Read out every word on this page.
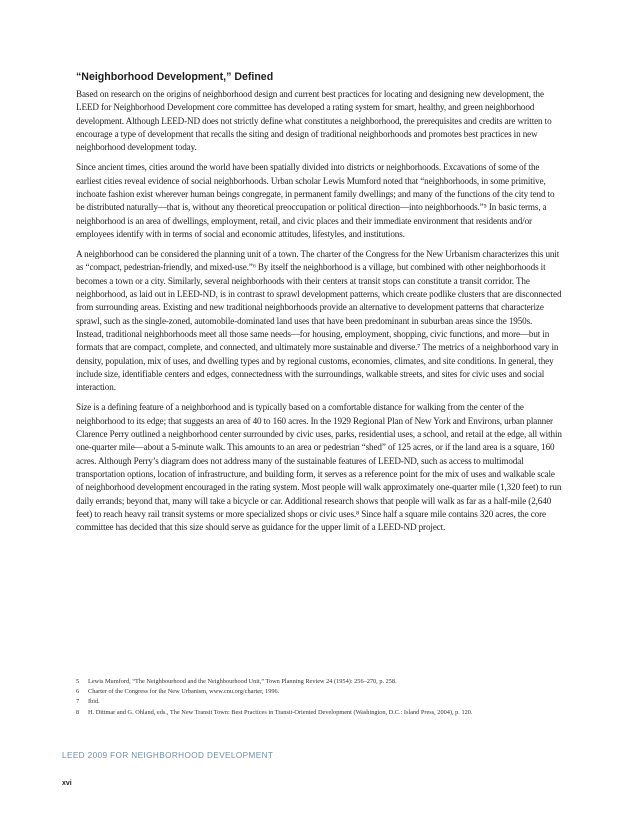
“Neighborhood Development,” Defined

Based on research on the origins of neighborhood design and current best practices for locating and designing new development, the LEED for Neighborhood Development core committee has developed a rating system for smart, healthy, and green neighborhood development. Although LEED-ND does not strictly define what constitutes a neighborhood, the prerequisites and credits are written to encourage a type of development that recalls the siting and design of traditional neighborhoods and promotes best practices in new neighborhood development today.

Since ancient times, cities around the world have been spatially divided into districts or neighborhoods. Excavations of some of the earliest cities reveal evidence of social neighborhoods. Urban scholar Lewis Mumford noted that “neighborhoods, in some primitive, inchoate fashion exist wherever human beings congregate, in permanent family dwellings; and many of the functions of the city tend to be distributed naturally—that is, without any theoretical preoccupation or political direction—into neighborhoods.”⁵ In basic terms, a neighborhood is an area of dwellings, employment, retail, and civic places and their immediate environment that residents and/or employees identify with in terms of social and economic attitudes, lifestyles, and institutions.

A neighborhood can be considered the planning unit of a town. The charter of the Congress for the New Urbanism characterizes this unit as “compact, pedestrian-friendly, and mixed-use.”⁶ By itself the neighborhood is a village, but combined with other neighborhoods it becomes a town or a city. Similarly, several neighborhoods with their centers at transit stops can constitute a transit corridor. The neighborhood, as laid out in LEED-ND, is in contrast to sprawl development patterns, which create podlike clusters that are disconnected from surrounding areas. Existing and new traditional neighborhoods provide an alternative to development patterns that characterize sprawl, such as the single-zoned, automobile-dominated land uses that have been predominant in suburban areas since the 1950s. Instead, traditional neighborhoods meet all those same needs—for housing, employment, shopping, civic functions, and more—but in formats that are compact, complete, and connected, and ultimately more sustainable and diverse.⁷ The metrics of a neighborhood vary in density, population, mix of uses, and dwelling types and by regional customs, economies, climates, and site conditions. In general, they include size, identifiable centers and edges, connectedness with the surroundings, walkable streets, and sites for civic uses and social interaction.

Size is a defining feature of a neighborhood and is typically based on a comfortable distance for walking from the center of the neighborhood to its edge; that suggests an area of 40 to 160 acres. In the 1929 Regional Plan of New York and Environs, urban planner Clarence Perry outlined a neighborhood center surrounded by civic uses, parks, residential uses, a school, and retail at the edge, all within one-quarter mile—about a 5-minute walk. This amounts to an area or pedestrian “shed” of 125 acres, or if the land area is a square, 160 acres. Although Perry’s diagram does not address many of the sustainable features of LEED-ND, such as access to multimodal transportation options, location of infrastructure, and building form, it serves as a reference point for the mix of uses and walkable scale of neighborhood development encouraged in the rating system. Most people will walk approximately one-quarter mile (1,320 feet) to run daily errands; beyond that, many will take a bicycle or car. Additional research shows that people will walk as far as a half-mile (2,640 feet) to reach heavy rail transit systems or more specialized shops or civic uses.⁸ Since half a square mile contains 320 acres, the core committee has decided that this size should serve as guidance for the upper limit of a LEED-ND project.

5	Lewis Mumford, “The Neighbourhood and the Neighbourhood Unit,” Town Planning Review 24 (1954): 256–270, p. 258.
6	Charter of the Congress for the New Urbanism, www.cnu.org/charter, 1996.
7	Ibid.
8	H. Dittmar and G. Ohland, eds., The New Transit Town: Best Practices in Transit-Oriented Development (Washington, D.C.: Island Press, 2004), p. 120.
LEED 2009 FOR NEIGHBORHOOD DEVELOPMENT
xvi
